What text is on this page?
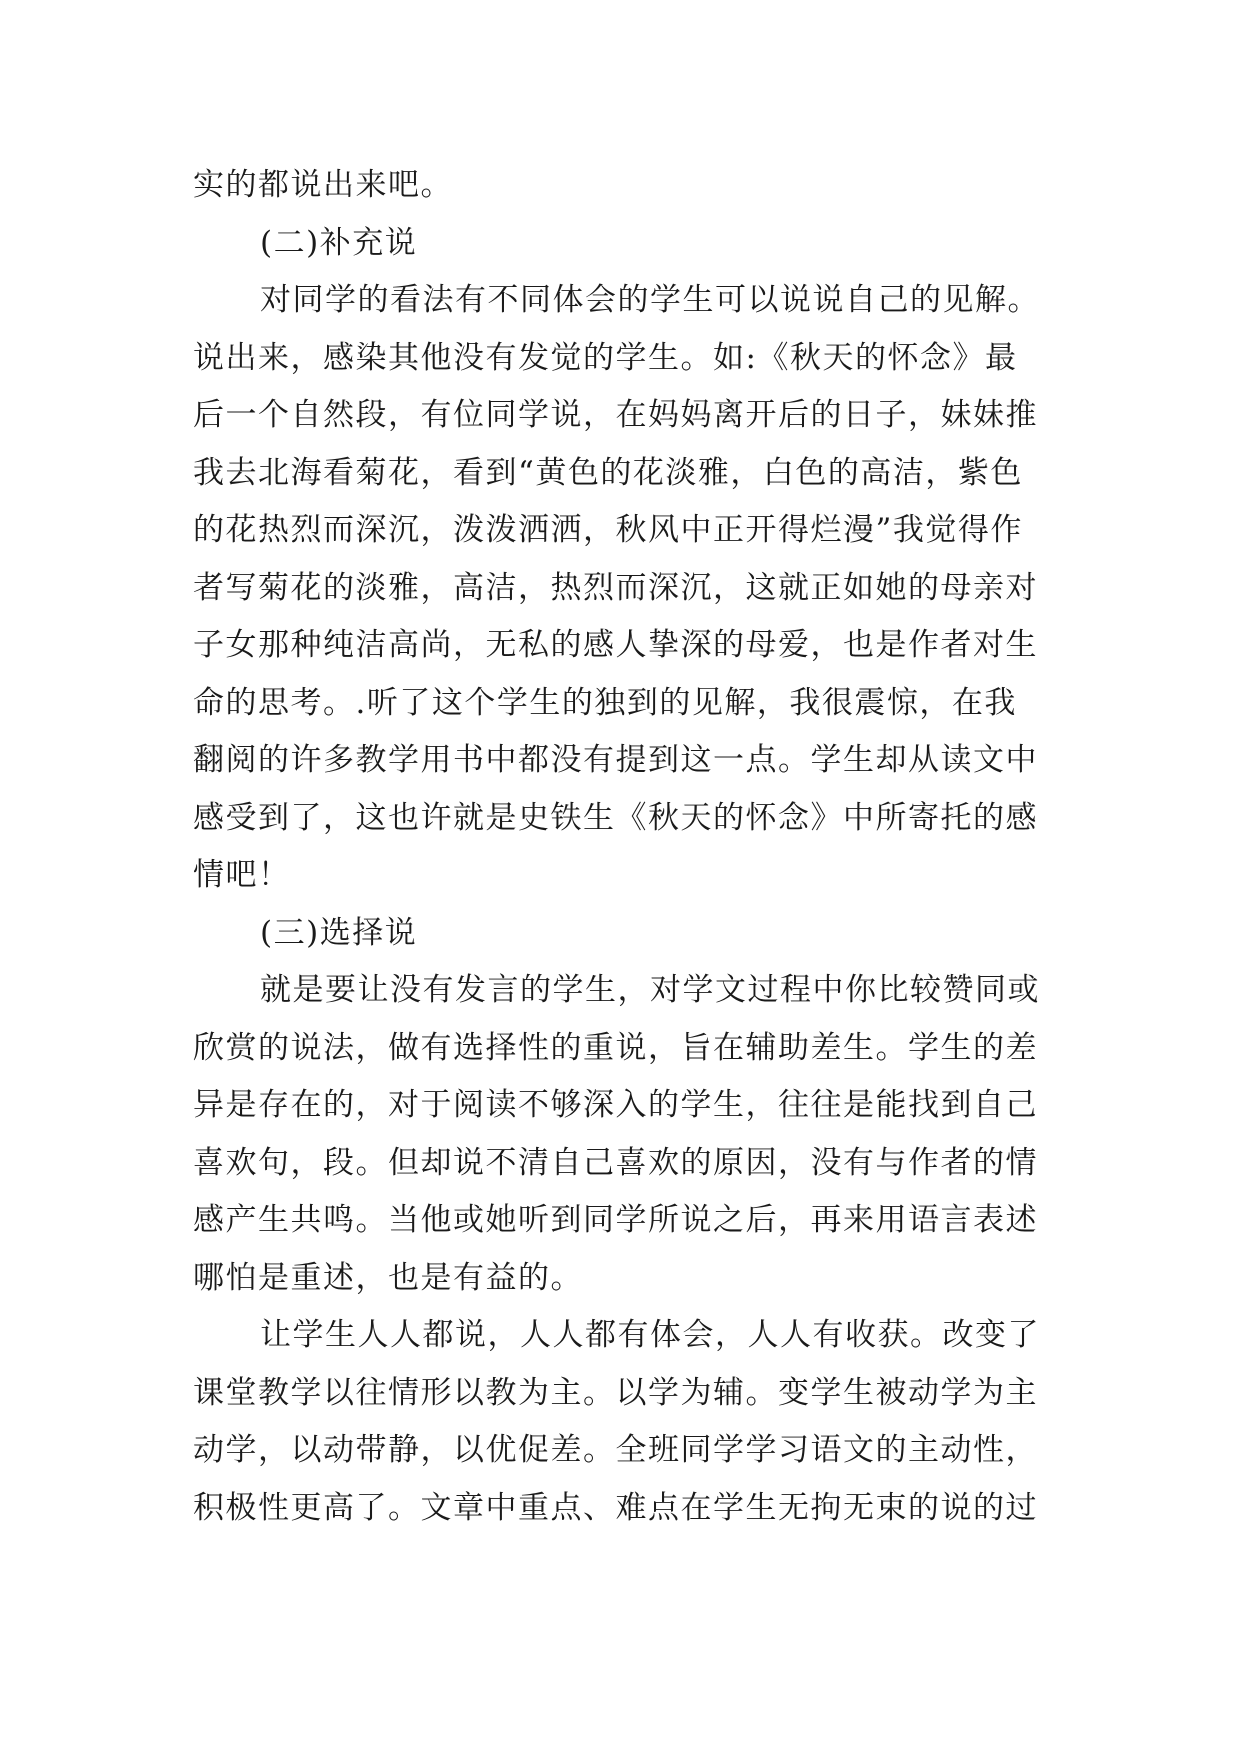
实的都说出来吧。
(二)补充说
对同学的看法有不同体会的学生可以说说自己的见解。
说出来，感染其他没有发觉的学生。如:《秋天的怀念》最
后一个自然段，有位同学说，在妈妈离开后的日子，妹妹推
我去北海看菊花，看到“黄色的花淡雅，白色的高洁，紫色
的花热烈而深沉，泼泼洒洒，秋风中正开得烂漫”我觉得作
者写菊花的淡雅，高洁，热烈而深沉，这就正如她的母亲对
子女那种纯洁高尚，无私的感人挚深的母爱，也是作者对生
命的思考。.听了这个学生的独到的见解，我很震惊，在我
翻阅的许多教学用书中都没有提到这一点。学生却从读文中
感受到了，这也许就是史铁生《秋天的怀念》中所寄托的感
情吧！
(三)选择说
就是要让没有发言的学生，对学文过程中你比较赞同或
欣赏的说法，做有选择性的重说，旨在辅助差生。学生的差
异是存在的，对于阅读不够深入的学生，往往是能找到自己
喜欢句，段。但却说不清自己喜欢的原因，没有与作者的情
感产生共鸣。当他或她听到同学所说之后，再来用语言表述
哪怕是重述，也是有益的。
让学生人人都说，人人都有体会，人人有收获。改变了
课堂教学以往情形以教为主。以学为辅。变学生被动学为主
动学，以动带静，以优促差。全班同学学习语文的主动性，
积极性更高了。文章中重点、难点在学生无拘无束的说的过
